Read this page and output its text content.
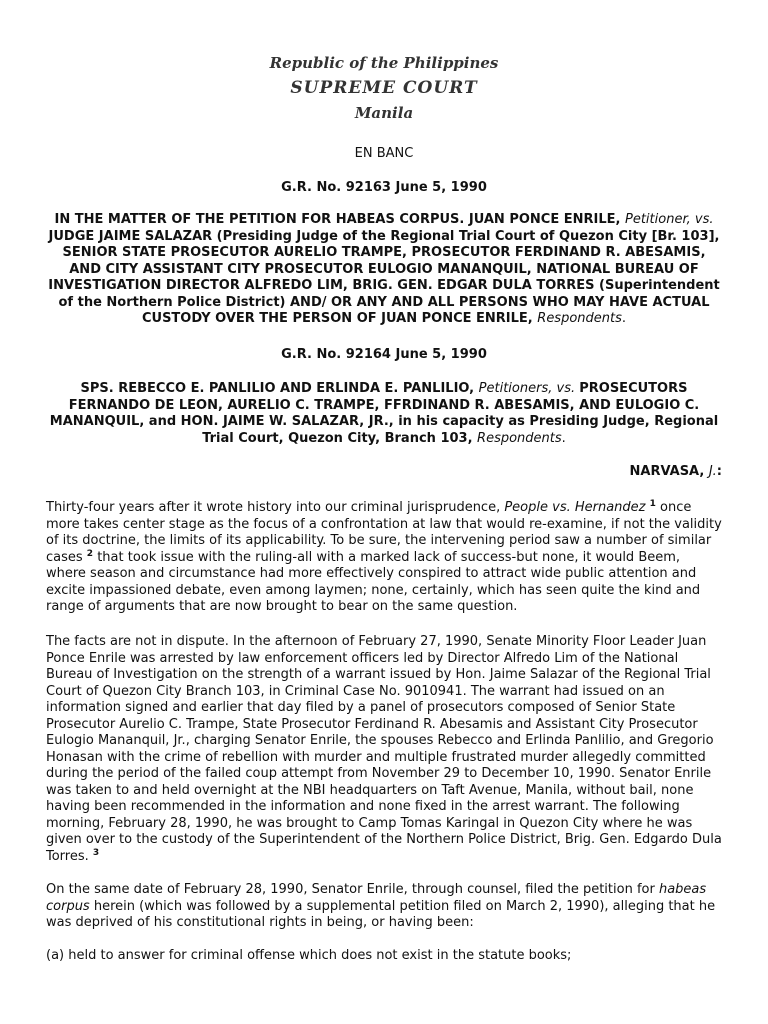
Republic of the Philippines
SUPREME COURT
Manila
EN BANC
G.R. No. 92163 June 5, 1990
IN THE MATTER OF THE PETITION FOR HABEAS CORPUS. JUAN PONCE ENRILE, Petitioner, vs. JUDGE JAIME SALAZAR (Presiding Judge of the Regional Trial Court of Quezon City [Br. 103], SENIOR STATE PROSECUTOR AURELIO TRAMPE, PROSECUTOR FERDINAND R. ABESAMIS, AND CITY ASSISTANT CITY PROSECUTOR EULOGIO MANANQUIL, NATIONAL BUREAU OF INVESTIGATION DIRECTOR ALFREDO LIM, BRIG. GEN. EDGAR DULA TORRES (Superintendent of the Northern Police District) AND/ OR ANY AND ALL PERSONS WHO MAY HAVE ACTUAL CUSTODY OVER THE PERSON OF JUAN PONCE ENRILE, Respondents.
G.R. No. 92164 June 5, 1990
SPS. REBECCO E. PANLILIO AND ERLINDA E. PANLILIO, Petitioners, vs. PROSECUTORS FERNANDO DE LEON, AURELIO C. TRAMPE, FFRDINAND R. ABESAMIS, AND EULOGIO C. MANANQUIL, and HON. JAIME W. SALAZAR, JR., in his capacity as Presiding Judge, Regional Trial Court, Quezon City, Branch 103, Respondents.
NARVASA, J.:

Thirty-four years after it wrote history into our criminal jurisprudence, People vs. Hernandez $^1$ once more takes center stage as the focus of a confrontation at law that would re-examine, if not the validity of its doctrine, the limits of its applicability. To be sure, the intervening period saw a number of similar cases $^2$ that took issue with the ruling-all with a marked lack of success-but none, it would Beem, where season and circumstance had more effectively conspired to attract wide public attention and excite impassioned debate, even among laymen; none, certainly, which has seen quite the kind and range of arguments that are now brought to bear on the same question.

The facts are not in dispute. In the afternoon of February 27, 1990, Senate Minority Floor Leader Juan Ponce Enrile was arrested by law enforcement officers led by Director Alfredo Lim of the National Bureau of Investigation on the strength of a warrant issued by Hon. Jaime Salazar of the Regional Trial Court of Quezon City Branch 103, in Criminal Case No. 9010941. The warrant had issued on an information signed and earlier that day filed by a panel of prosecutors composed of Senior State Prosecutor Aurelio C. Trampe, State Prosecutor Ferdinand R. Abesamis and Assistant City Prosecutor Eulogio Mananquil, Jr., charging Senator Enrile, the spouses Rebecco and Erlinda Panlilio, and Gregorio Honasan with the crime of rebellion with murder and multiple frustrated murder allegedly committed during the period of the failed coup attempt from November 29 to December 10, 1990. Senator Enrile was taken to and held overnight at the NBI headquarters on Taft Avenue, Manila, without bail, none having been recommended in the information and none fixed in the arrest warrant. The following morning, February 28, 1990, he was brought to Camp Tomas Karingal in Quezon City where he was given over to the custody of the Superintendent of the Northern Police District, Brig. Gen. Edgardo Dula Torres. $^3$

On the same date of February 28, 1990, Senator Enrile, through counsel, filed the petition for habeas corpus herein (which was followed by a supplemental petition filed on March 2, 1990), alleging that he was deprived of his constitutional rights in being, or having been:

(a) held to answer for criminal offense which does not exist in the statute books;
